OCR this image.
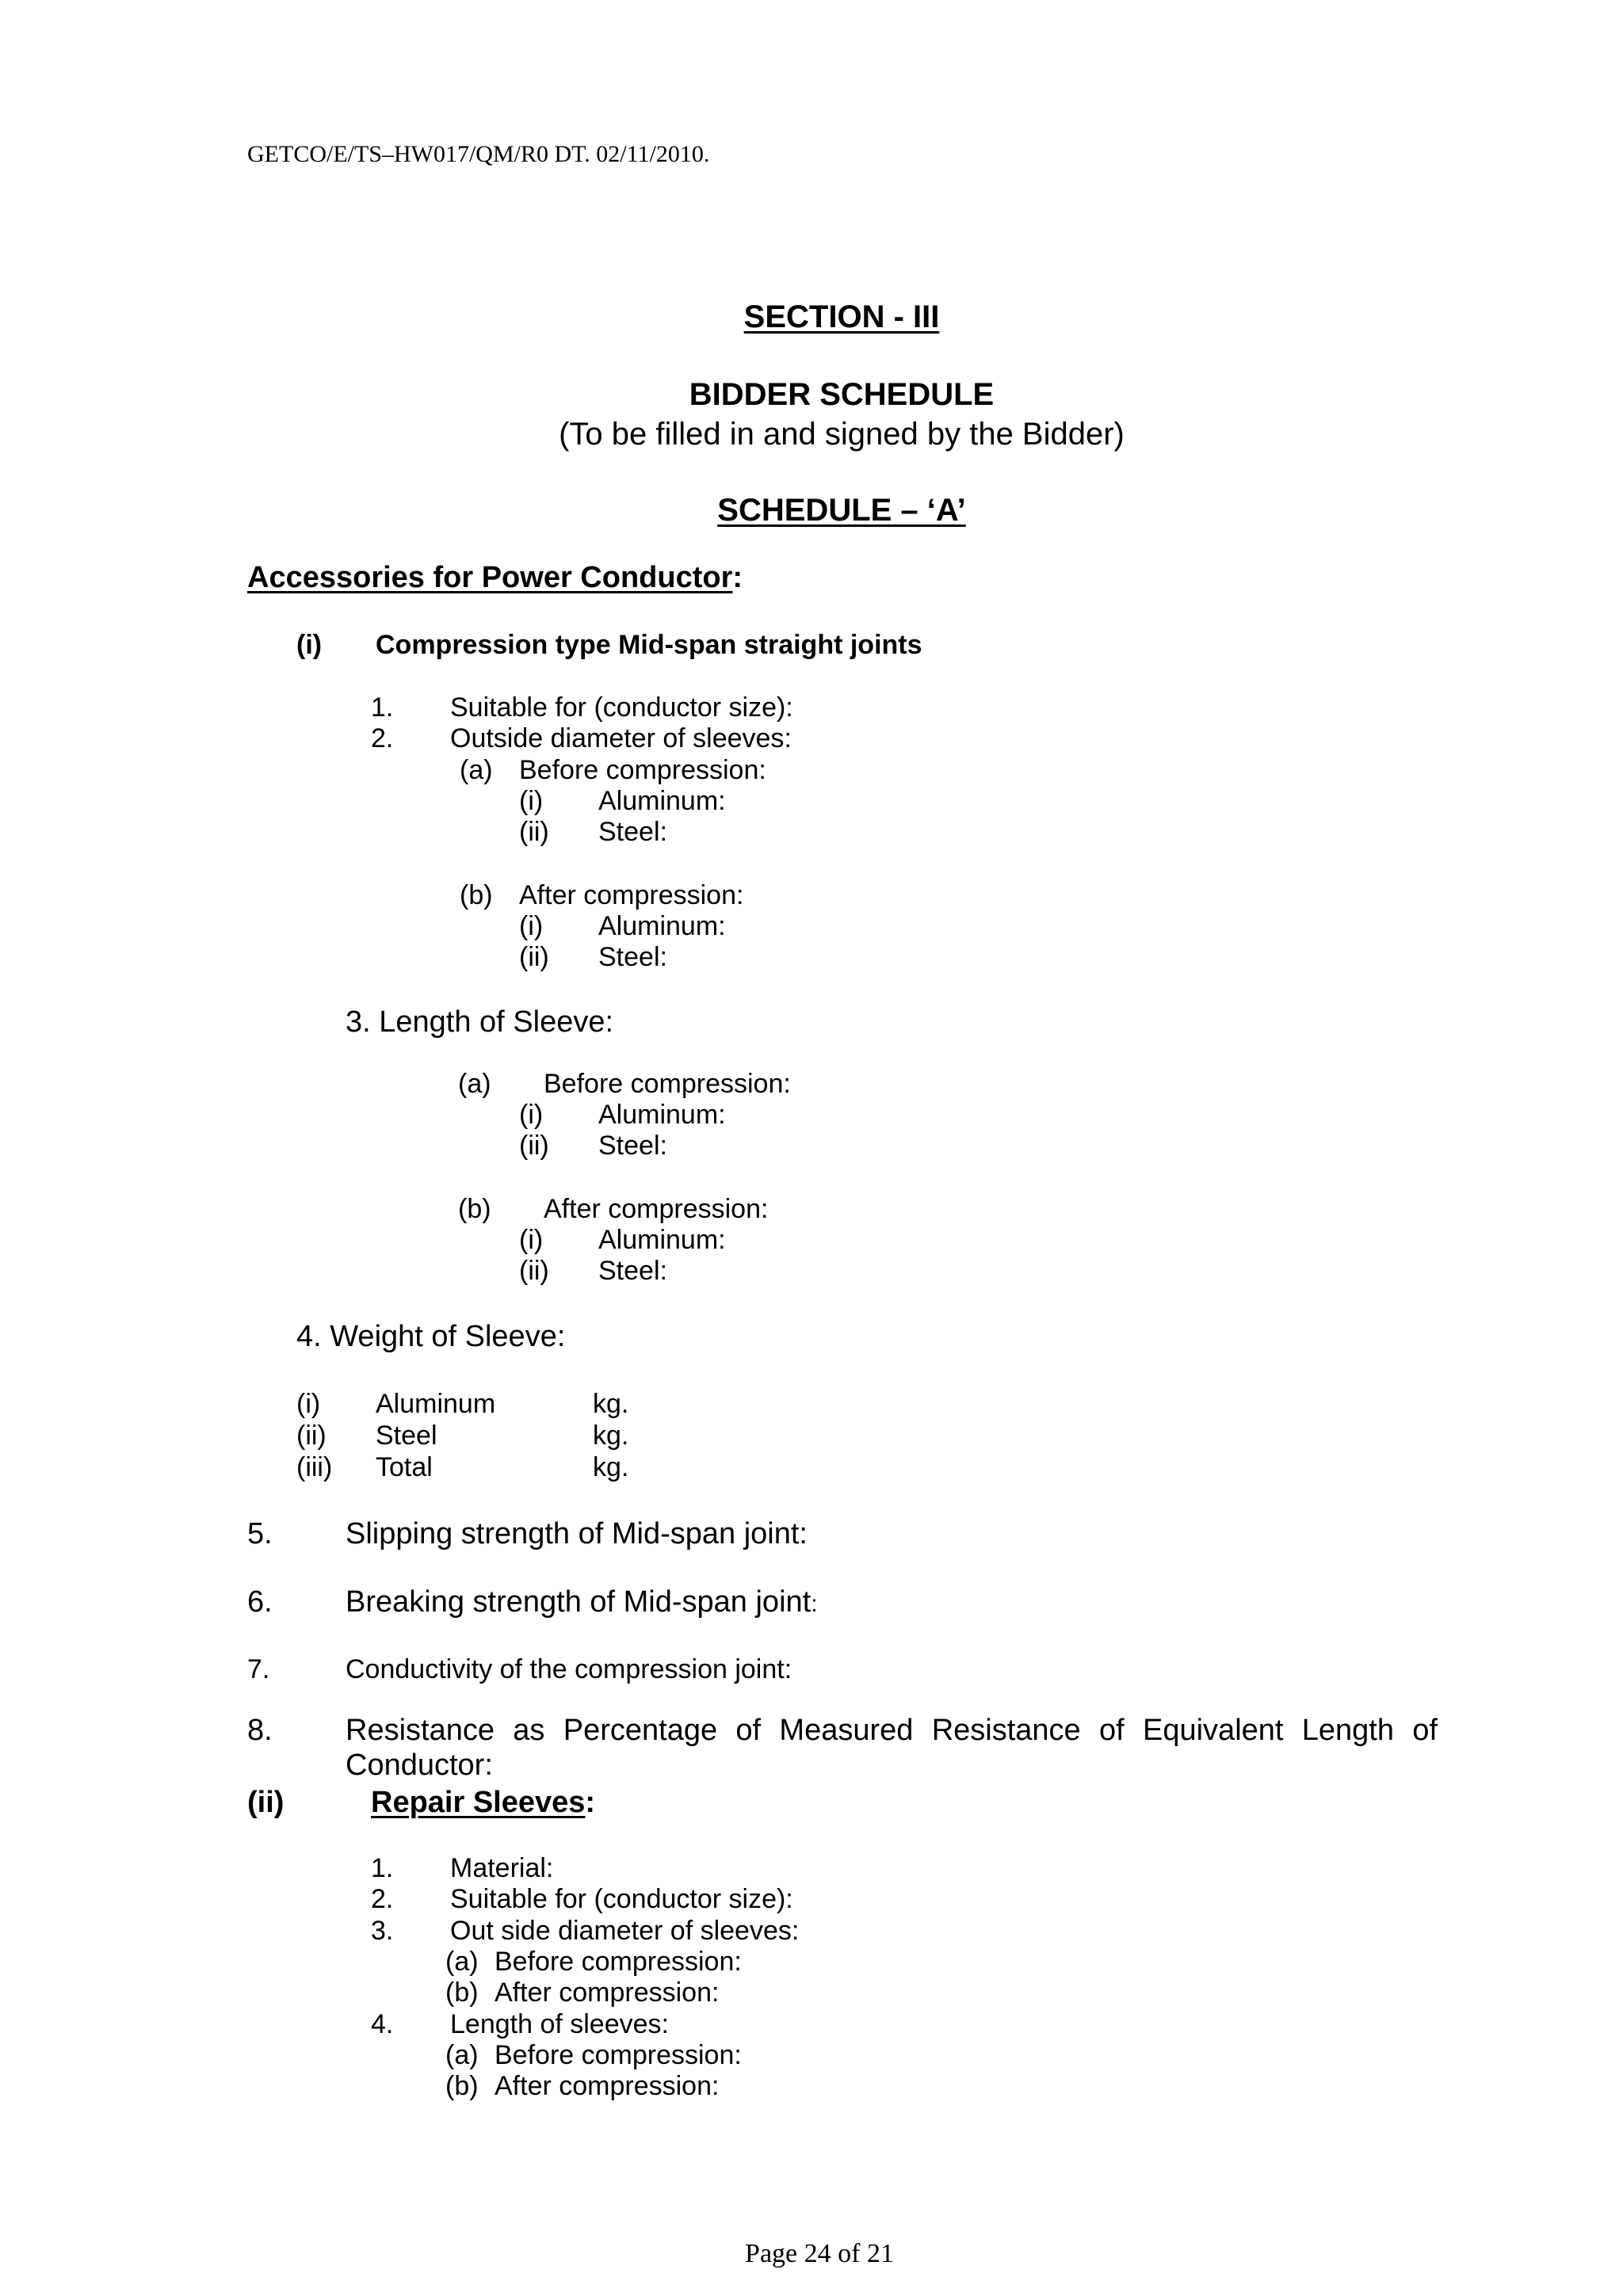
GETCO/E/TS–HW017/QM/R0 DT. 02/11/2010.
SECTION - III
BIDDER SCHEDULE
(To be filled in and signed by the Bidder)
SCHEDULE – ‘A’
Accessories for Power Conductor:
(i) Compression type Mid-span straight joints
1. Suitable for (conductor size):
2. Outside diameter of sleeves:
(a) Before compression:
(i) Aluminum:
(ii) Steel:
(b) After compression:
(i) Aluminum:
(ii) Steel:
3. Length of Sleeve:
(a) Before compression:
(i) Aluminum:
(ii) Steel:
(b) After compression:
(i) Aluminum:
(ii) Steel:
4. Weight of Sleeve:
(i) Aluminum	kg.
(ii) Steel	kg.
(iii) Total	kg.
5. Slipping strength of Mid-span joint:
6. Breaking strength of Mid-span joint:
7.	Conductivity of the compression joint:
8. Resistance as Percentage of Measured Resistance of Equivalent Length of
Conductor:
(ii)	Repair Sleeves:
1. Material:
2. Suitable for (conductor size):
3. Out side diameter of sleeves:
(a) Before compression:
(b) After compression:
4. Length of sleeves:
(a) Before compression:
(b) After compression:
Page 24 of 21
